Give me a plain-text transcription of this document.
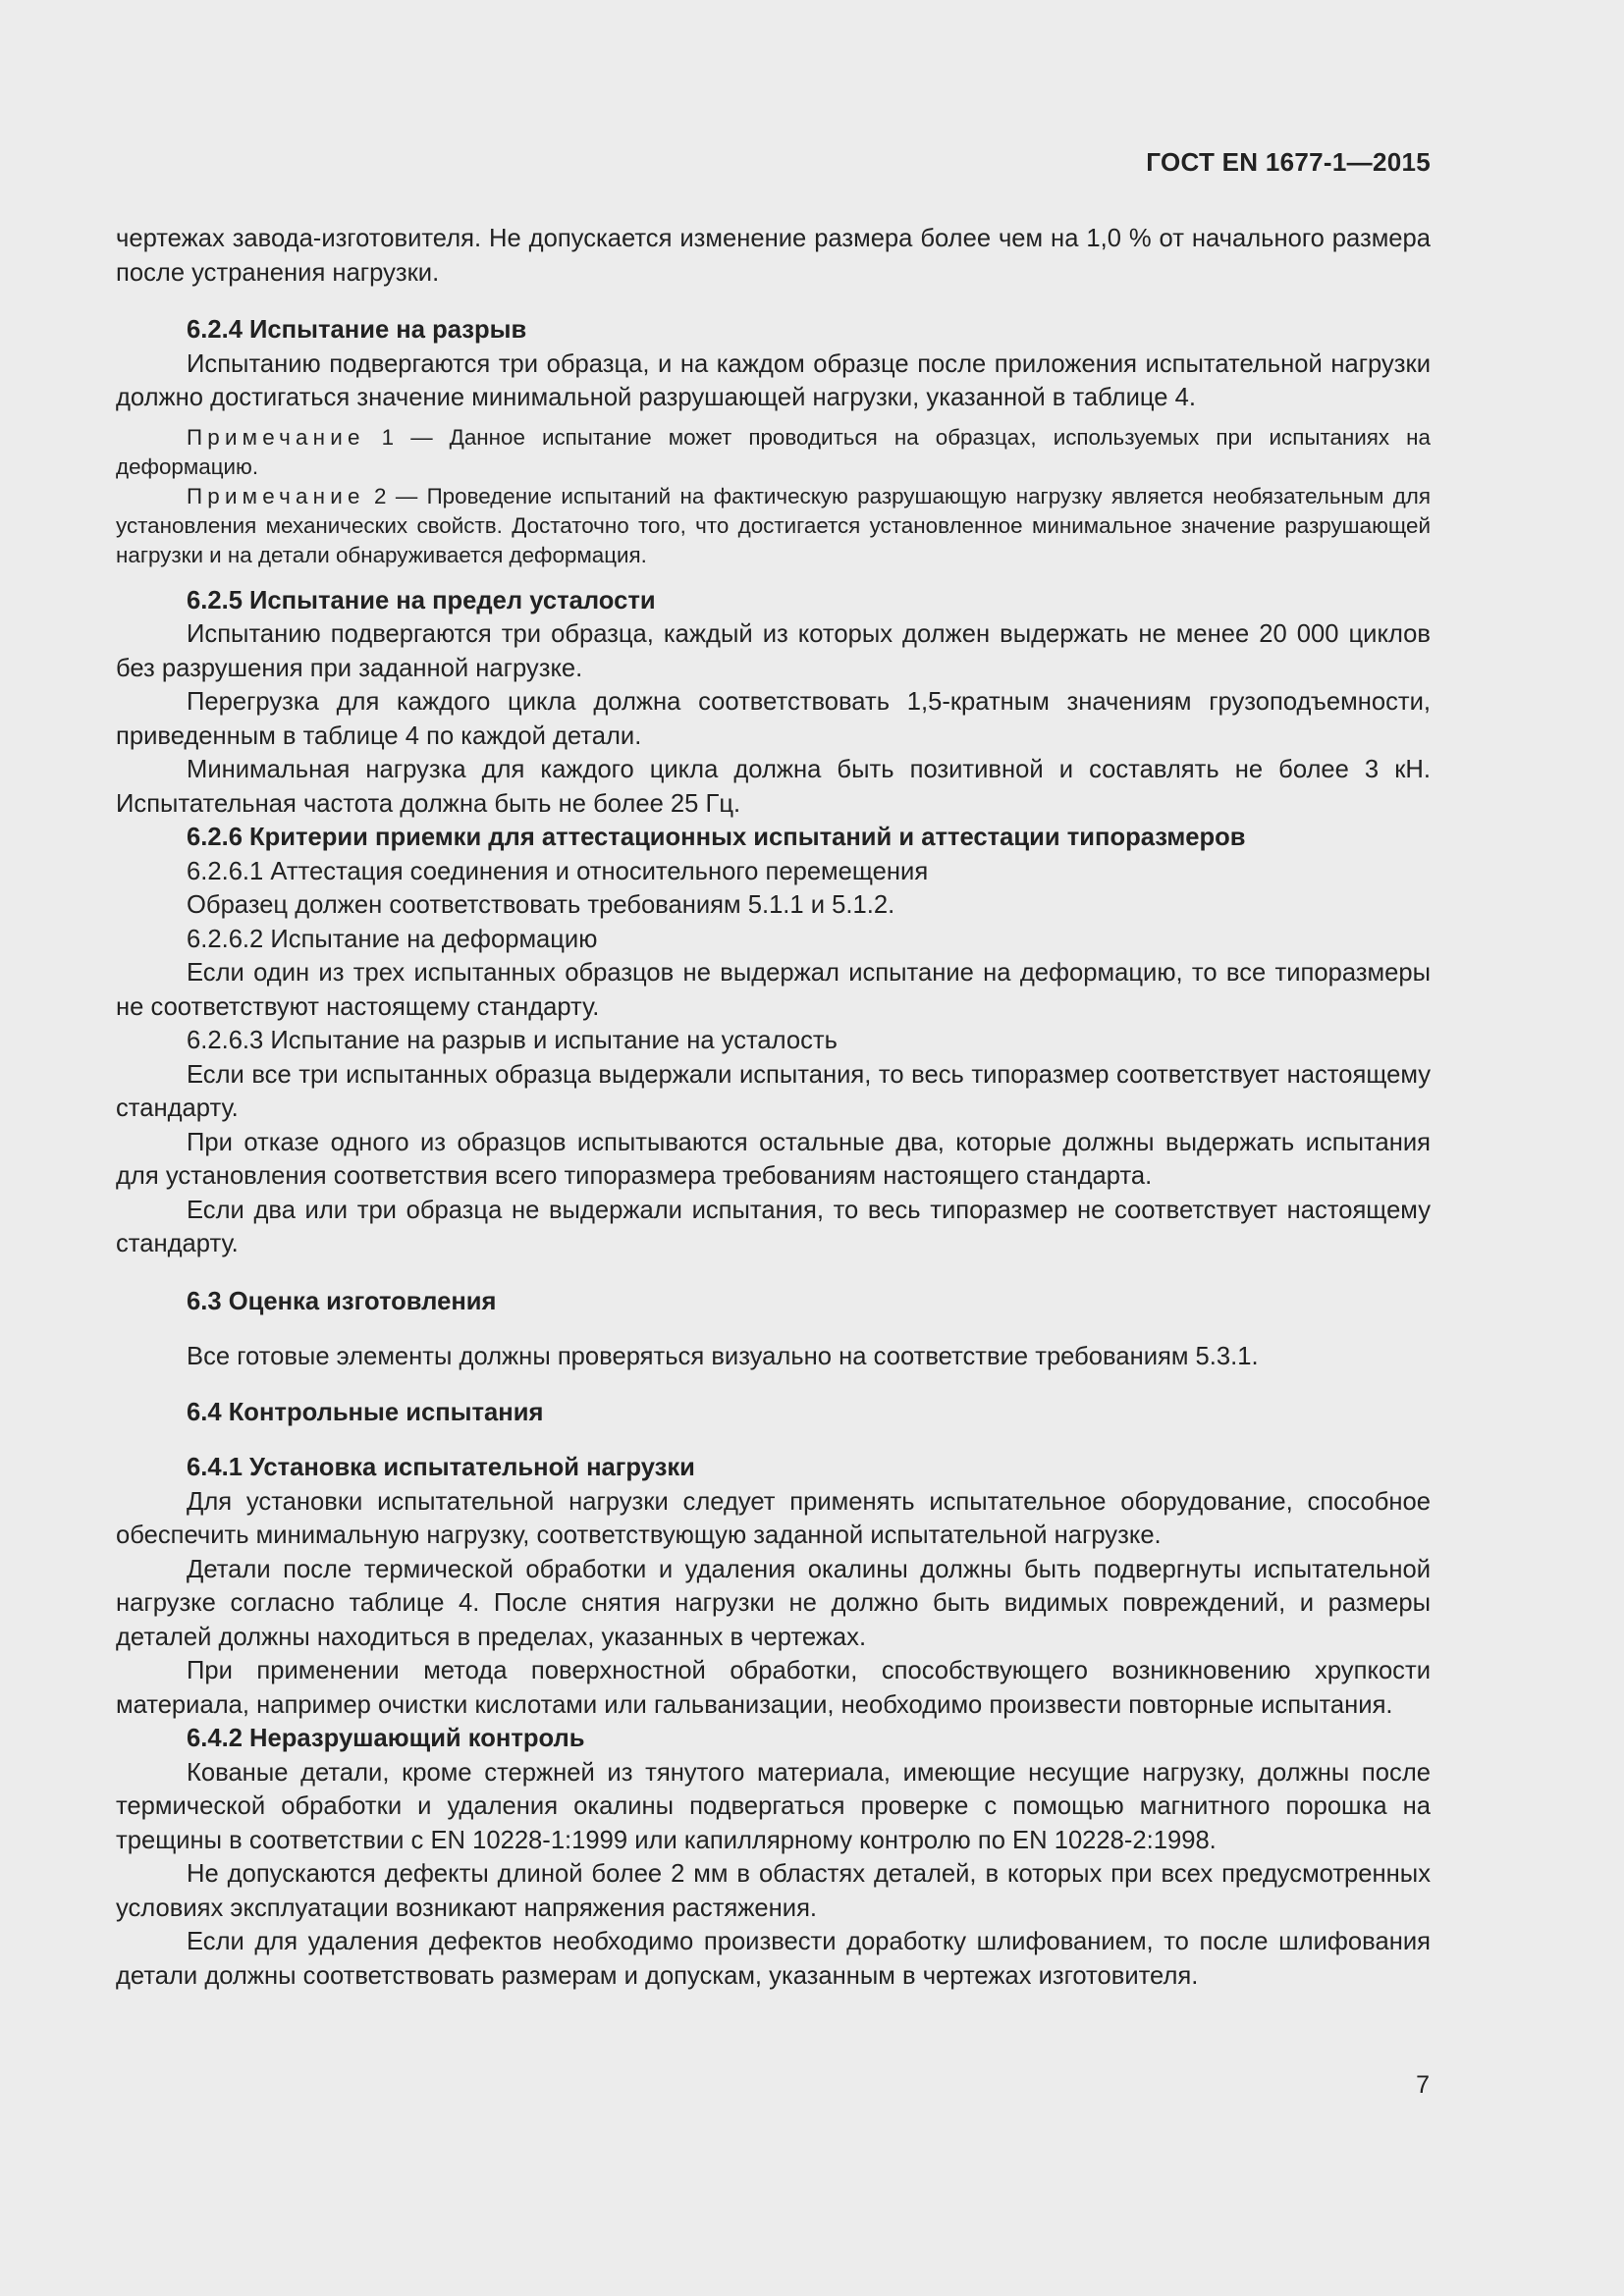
ГОСТ EN 1677-1—2015

чертежах завода-изготовителя. Не допускается изменение размера более чем на 1,0 % от начального размера после устранения нагрузки.

6.2.4 Испытание на разрыв

Испытанию подвергаются три образца, и на каждом образце после приложения испытательной нагрузки должно достигаться значение минимальной разрушающей нагрузки, указанной в таблице 4.

Примечание 1 — Данное испытание может проводиться на образцах, используемых при испытаниях на деформацию.

Примечание 2 — Проведение испытаний на фактическую разрушающую нагрузку является необязательным для установления механических свойств. Достаточно того, что достигается установленное минимальное значение разрушающей нагрузки и на детали обнаруживается деформация.

6.2.5 Испытание на предел усталости

Испытанию подвергаются три образца, каждый из которых должен выдержать не менее 20 000 циклов без разрушения при заданной нагрузке.

Перегрузка для каждого цикла должна соответствовать 1,5-кратным значениям грузоподъемности, приведенным в таблице 4 по каждой детали.

Минимальная нагрузка для каждого цикла должна быть позитивной и составлять не более 3 кН. Испытательная частота должна быть не более 25 Гц.

6.2.6 Критерии приемки для аттестационных испытаний и аттестации типоразмеров

6.2.6.1 Аттестация соединения и относительного перемещения

Образец должен соответствовать требованиям 5.1.1 и 5.1.2.

6.2.6.2 Испытание на деформацию

Если один из трех испытанных образцов не выдержал испытание на деформацию, то все типоразмеры не соответствуют настоящему стандарту.

6.2.6.3 Испытание на разрыв и испытание на усталость

Если все три испытанных образца выдержали испытания, то весь типоразмер соответствует настоящему стандарту.

При отказе одного из образцов испытываются остальные два, которые должны выдержать испытания для установления соответствия всего типоразмера требованиям настоящего стандарта.

Если два или три образца не выдержали испытания, то весь типоразмер не соответствует настоящему стандарту.

6.3 Оценка изготовления

Все готовые элементы должны проверяться визуально на соответствие требованиям 5.3.1.

6.4 Контрольные испытания

6.4.1 Установка испытательной нагрузки

Для установки испытательной нагрузки следует применять испытательное оборудование, способное обеспечить минимальную нагрузку, соответствующую заданной испытательной нагрузке.

Детали после термической обработки и удаления окалины должны быть подвергнуты испытательной нагрузке согласно таблице 4. После снятия нагрузки не должно быть видимых повреждений, и размеры деталей должны находиться в пределах, указанных в чертежах.

При применении метода поверхностной обработки, способствующего возникновению хрупкости материала, например очистки кислотами или гальванизации, необходимо произвести повторные испытания.

6.4.2 Неразрушающий контроль

Кованые детали, кроме стержней из тянутого материала, имеющие несущие нагрузку, должны после термической обработки и удаления окалины подвергаться проверке с помощью магнитного порошка на трещины в соответствии с EN 10228-1:1999 или капиллярному контролю по EN 10228-2:1998.

Не допускаются дефекты длиной более 2 мм в областях деталей, в которых при всех предусмотренных условиях эксплуатации возникают напряжения растяжения.

Если для удаления дефектов необходимо произвести доработку шлифованием, то после шлифования детали должны соответствовать размерам и допускам, указанным в чертежах изготовителя.

7
